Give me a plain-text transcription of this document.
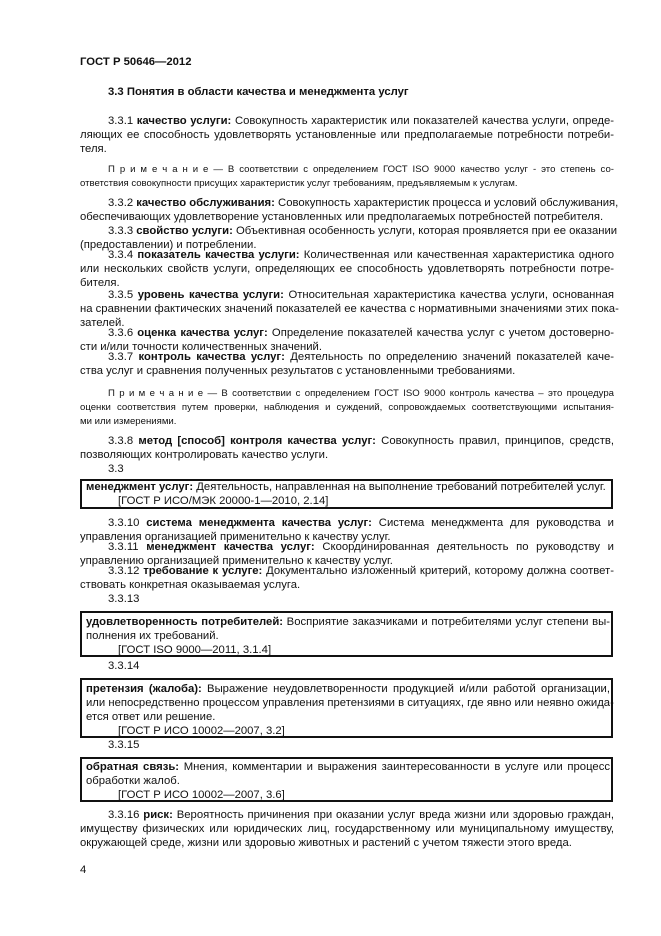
ГОСТ Р 50646—2012
3.3 Понятия в области качества и менеджмента услуг
3.3.1 качество услуги: Совокупность характеристик или показателей качества услуги, опреде-
ляющих ее способность удовлетворять установленные или предполагаемые потребности потреби-
теля.
П р и м е ч а н и е — В соответствии с определением ГОСТ ISO 9000 качество услуг - это степень со-
ответствия совокупности присущих характеристик услуг требованиям, предъявляемым к услугам.
3.3.2 качество обслуживания: Совокупность характеристик процесса и условий обслуживания,
обеспечивающих удовлетворение установленных или предполагаемых потребностей потребителя.
3.3.3 свойство услуги: Объективная особенность услуги, которая проявляется при ее оказании
(предоставлении) и потреблении.
3.3.4 показатель качества услуги: Количественная или качественная характеристика одного
или нескольких свойств услуги, определяющих ее способность удовлетворять потребности потре-
бителя.
3.3.5 уровень качества услуги: Относительная характеристика качества услуги, основанная
на сравнении фактических значений показателей ее качества с нормативными значениями этих пока-
зателей.
3.3.6 оценка качества услуг: Определение показателей качества услуг с учетом достоверно-
сти и/или точности количественных значений.
3.3.7 контроль качества услуг: Деятельность по определению значений показателей каче-
ства услуг и сравнения полученных результатов с установленными требованиями.
П р и м е ч а н и е — В соответствии с определением ГОСТ ISO 9000 контроль качества – это процедура
оценки соответствия путем проверки, наблюдения и суждений, сопровождаемых соответствующими испытания-
ми или измерениями.
3.3.8 метод [способ] контроля качества услуг: Совокупность правил, принципов, средств,
позволяющих контролировать качество услуги.
3.3
менеджмент услуг: Деятельность, направленная на выполнение требований потребителей услуг.
[ГОСТ Р ИСО/МЭК 20000-1—2010, 2.14]
3.3.10 система менеджмента качества услуг: Система менеджмента для руководства и
управления организацией применительно к качеству услуг.
3.3.11 менеджмент качества услуг: Скоординированная деятельность по руководству и
управлению организацией применительно к качеству услуг.
3.3.12 требование к услуге: Документально изложенный критерий, которому должна соответ-
ствовать конкретная оказываемая услуга.
3.3.13
удовлетворенность потребителей: Восприятие заказчиками и потребителями услуг степени вы-
полнения их требований.
[ГОСТ ISO 9000—2011, 3.1.4]
3.3.14
претензия (жалоба): Выражение неудовлетворенности продукцией и/или работой организации,
или непосредственно процессом управления претензиями в ситуациях, где явно или неявно ожида-
ется ответ или решение.
[ГОСТ Р ИСО 10002—2007, 3.2]
3.3.15
обратная связь: Мнения, комментарии и выражения заинтересованности в услуге или процесс
обработки жалоб.
[ГОСТ Р ИСО 10002—2007, 3.6]
3.3.16 риск: Вероятность причинения при оказании услуг вреда жизни или здоровью граждан,
имуществу физических или юридических лиц, государственному или муниципальному имуществу,
окружающей среде, жизни или здоровью животных и растений с учетом тяжести этого вреда.
4
